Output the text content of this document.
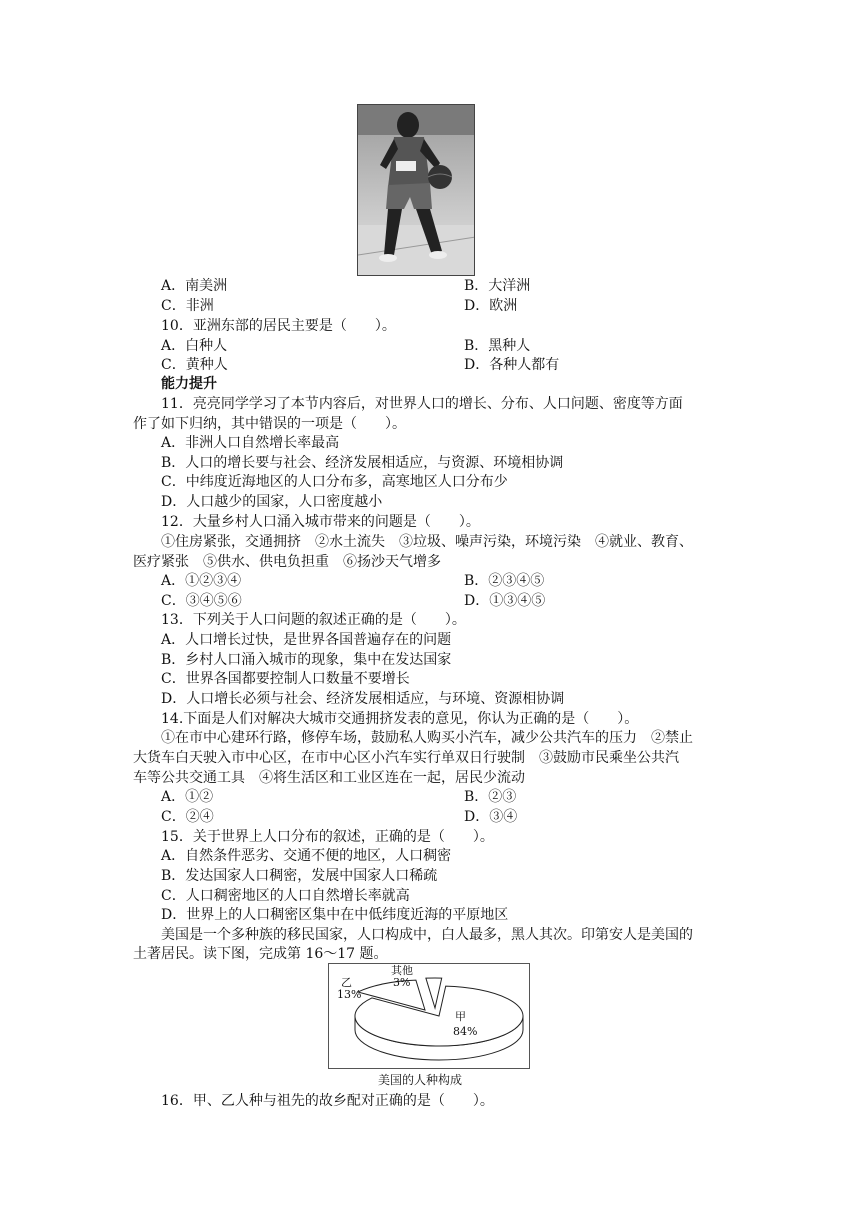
A．南美洲	B．大洋洲
C．非洲	D．欧洲
10．亚洲东部的居民主要是（　　）。
A．白种人	B．黑种人
C．黄种人	D．各种人都有
能力提升
11．亮亮同学学习了本节内容后，对世界人口的增长、分布、人口问题、密度等方面
作了如下归纳，其中错误的一项是（　　）。
A．非洲人口自然增长率最高
B．人口的增长要与社会、经济发展相适应，与资源、环境相协调
C．中纬度近海地区的人口分布多，高寒地区人口分布少
D．人口越少的国家，人口密度越小
12．大量乡村人口涌入城市带来的问题是（　　）。
①住房紧张，交通拥挤　②水土流失　③垃圾、噪声污染，环境污染　④就业、教育、
医疗紧张　⑤供水、供电负担重　⑥扬沙天气增多
A．①②③④	B．②③④⑤
C．③④⑤⑥	D．①③④⑤
13．下列关于人口问题的叙述正确的是（　　）。
A．人口增长过快，是世界各国普遍存在的问题
B．乡村人口涌入城市的现象，集中在发达国家
C．世界各国都要控制人口数量不要增长
D．人口增长必须与社会、经济发展相适应，与环境、资源相协调
14.下面是人们对解决大城市交通拥挤发表的意见，你认为正确的是（　　）。
①在市中心建环行路，修停车场，鼓励私人购买小汽车，减少公共汽车的压力　②禁止
大货车白天驶入市中心区，在市中心区小汽车实行单双日行驶制　③鼓励市民乘坐公共汽
车等公共交通工具　④将生活区和工业区连在一起，居民少流动
A．①②	B．②③
C．②④	D．③④
15．关于世界上人口分布的叙述，正确的是（　　）。
A．自然条件恶劣、交通不便的地区，人口稠密
B．发达国家人口稠密，发展中国家人口稀疏
C．人口稠密地区的人口自然增长率就高
D．世界上的人口稠密区集中在中低纬度近海的平原地区
美国是一个多种族的移民国家，人口构成中，白人最多，黑人其次。印第安人是美国的
土著居民。读下图，完成第 16～17 题。
甲
84%
乙
13%
其他
3%
美国的人种构成
16．甲、乙人种与祖先的故乡配对正确的是（　　）。
